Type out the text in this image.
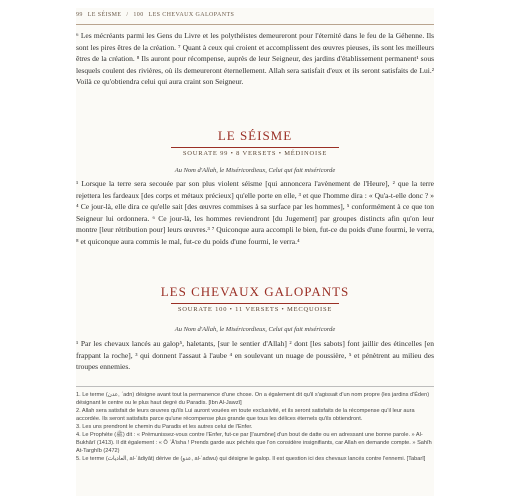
99 LE SÉISME / 100 LES CHEVAUX GALOPANTS
⁶ Les mécréants parmi les Gens du Livre et les polythéistes demeureront pour l'éternité dans le feu de la Géhenne. Ils sont les pires êtres de la création. ⁷ Quant à ceux qui croient et accomplissent des œuvres pieuses, ils sont les meilleurs êtres de la création. ⁸ Ils auront pour récompense, auprès de leur Seigneur, des jardins d'établissement permanent¹ sous lesquels coulent des rivières, où ils demeureront éternellement. Allah sera satisfait d'eux et ils seront satisfaits de Lui.² Voilà ce qu'obtiendra celui qui aura craint son Seigneur.
LE SÉISME
SOURATE 99 • 8 VERSETS • MÉDINOISE
Au Nom d'Allah, le Miséricordieux, Celui qui fait miséricorde
¹ Lorsque la terre sera secouée par son plus violent séisme [qui annoncera l'avènement de l'Heure], ² que la terre rejettera les fardeaux [des corps et métaux précieux] qu'elle porte en elle, ³ et que l'homme dira : « Qu'a-t-elle donc ? » ⁴ Ce jour-là, elle dira ce qu'elle sait [des œuvres commises à sa surface par les hommes], ⁵ conformément à ce que ton Seigneur lui ordonnera. ⁶ Ce jour-là, les hommes reviendront [du Jugement] par groupes distincts afin qu'on leur montre [leur rétribution pour] leurs œuvres.³ ⁷ Quiconque aura accompli le bien, fut-ce du poids d'une fourmi, le verra, ⁸ et quiconque aura commis le mal, fut-ce du poids d'une fourmi, le verra.⁴
LES CHEVAUX GALOPANTS
SOURATE 100 • 11 VERSETS • MECQUOISE
Au Nom d'Allah, le Miséricordieux, Celui qui fait miséricorde
¹ Par les chevaux lancés au galop⁵, haletants, [sur le sentier d'Allah] ² dont [les sabots] font jaillir des étincelles [en frappant la roche], ³ qui donnent l'assaut à l'aube ⁴ en soulevant un nuage de poussière, ⁵ et pénètrent au milieu des troupes ennemies.
1. Le terme (عدن, ʿadn) désigne avant tout la permanence d'une chose. On a également dit qu'il s'agissait d'un nom propre (les jardins d'Éden) désignant le centre ou le plus haut degré du Paradis. [Ibn Al-Jawzî]
2. Allah sera satisfait de leurs œuvres qu'ils Lui auront vouées en toute exclusivité, et ils seront satisfaits de la récompense qu'il leur aura accordée. Ils seront satisfaits parce qu'une récompense plus grande que tous les délices éternels qu'ils obtiendront.
3. Les uns prendront le chemin du Paradis et les autres celui de l'Enfer.
4. Le Prophète (ﷺ) dit : « Prémunissez-vous contre l'Enfer, fut-ce par [l'aumône] d'un bout de datte ou en adressant une bonne parole. » Al-Bukhârî (1413). Il dit également : « Ô ʿÂ'isha ! Prends garde aux péchés que l'on considère insignifiants, car Allah en demande compte. » Sahîh At-Targhîb (2472)
5. Le terme (العاديات, al-ʿâdiyât) dérive de (عدو, al-ʿadwu) qui désigne le galop. Il est question ici des chevaux lancés contre l'ennemi. [Tabarî]
